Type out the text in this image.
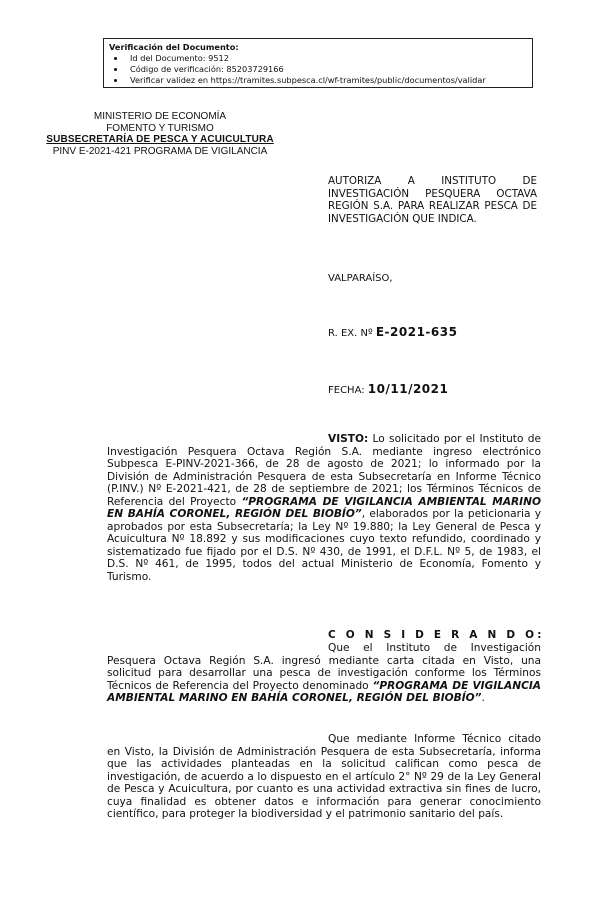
Verificación del Documento:
• Id del Documento: 9512
• Código de verificación: 85203729166
• Verificar validez en https://tramites.subpesca.cl/wf-tramites/public/documentos/validar
MINISTERIO DE ECONOMÍA
FOMENTO Y TURISMO
SUBSECRETARÍA DE PESCA Y ACUICULTURA
PINV E-2021-421 PROGRAMA DE VIGILANCIA
AUTORIZA A INSTITUTO DE INVESTIGACIÓN PESQUERA OCTAVA REGIÓN S.A. PARA REALIZAR PESCA DE INVESTIGACIÓN QUE INDICA.
VALPARAÍSO,
R. EX. Nº E-2021-635
FECHA: 10/11/2021
VISTO: Lo solicitado por el Instituto de Investigación Pesquera Octava Región S.A. mediante ingreso electrónico Subpesca E-PINV-2021-366, de 28 de agosto de 2021; lo informado por la División de Administración Pesquera de esta Subsecretaría en Informe Técnico (P.INV.) Nº E-2021-421, de 28 de septiembre de 2021; los Términos Técnicos de Referencia del Proyecto “PROGRAMA DE VIGILANCIA AMBIENTAL MARINO EN BAHÍA CORONEL, REGIÓN DEL BIOBÍO”, elaborados por la peticionaria y aprobados por esta Subsecretaría; la Ley Nº 19.880; la Ley General de Pesca y Acuicultura Nº 18.892 y sus modificaciones cuyo texto refundido, coordinado y sistematizado fue fijado por el D.S. Nº 430, de 1991, el D.F.L. Nº 5, de 1983, el D.S. Nº 461, de 1995, todos del actual Ministerio de Economía, Fomento y Turismo.
C O N S I D E R A N D O:
Que el Instituto de Investigación Pesquera Octava Región S.A. ingresó mediante carta citada en Visto, una solicitud para desarrollar una pesca de investigación conforme los Términos Técnicos de Referencia del Proyecto denominado “PROGRAMA DE VIGILANCIA AMBIENTAL MARINO EN BAHÍA CORONEL, REGIÓN DEL BIOBÍO”.
Que mediante Informe Técnico citado en Visto, la División de Administración Pesquera de esta Subsecretaría, informa que las actividades planteadas en la solicitud califican como pesca de investigación, de acuerdo a lo dispuesto en el artículo 2° Nº 29 de la Ley General de Pesca y Acuicultura, por cuanto es una actividad extractiva sin fines de lucro, cuya finalidad es obtener datos e información para generar conocimiento científico, para proteger la biodiversidad y el patrimonio sanitario del país.
